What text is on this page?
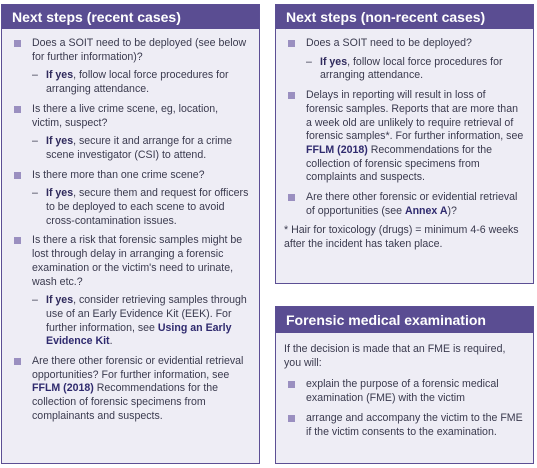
Next steps (recent cases)
Does a SOIT need to be deployed (see below for further information)?
– If yes, follow local force procedures for arranging attendance.
Is there a live crime scene, eg, location, victim, suspect?
– If yes, secure it and arrange for a crime scene investigator (CSI) to attend.
Is there more than one crime scene?
– If yes, secure them and request for officers to be deployed to each scene to avoid cross-contamination issues.
Is there a risk that forensic samples might be lost through delay in arranging a forensic examination or the victim's need to urinate, wash etc.?
– If yes, consider retrieving samples through use of an Early Evidence Kit (EEK). For further information, see Using an Early Evidence Kit.
Are there other forensic or evidential retrieval opportunities? For further information, see FFLM (2018) Recommendations for the collection of forensic specimens from complainants and suspects.
Next steps (non-recent cases)
Does a SOIT need to be deployed?
– If yes, follow local force procedures for arranging attendance.
Delays in reporting will result in loss of forensic samples. Reports that are more than a week old are unlikely to require retrieval of forensic samples*. For further information, see FFLM (2018) Recommendations for the collection of forensic specimens from complaints and suspects.
Are there other forensic or evidential retrieval of opportunities (see Annex A)?
* Hair for toxicology (drugs) = minimum 4-6 weeks after the incident has taken place.
Forensic medical examination
If the decision is made that an FME is required, you will:
explain the purpose of a forensic medical examination (FME) with the victim
arrange and accompany the victim to the FME if the victim consents to the examination.
